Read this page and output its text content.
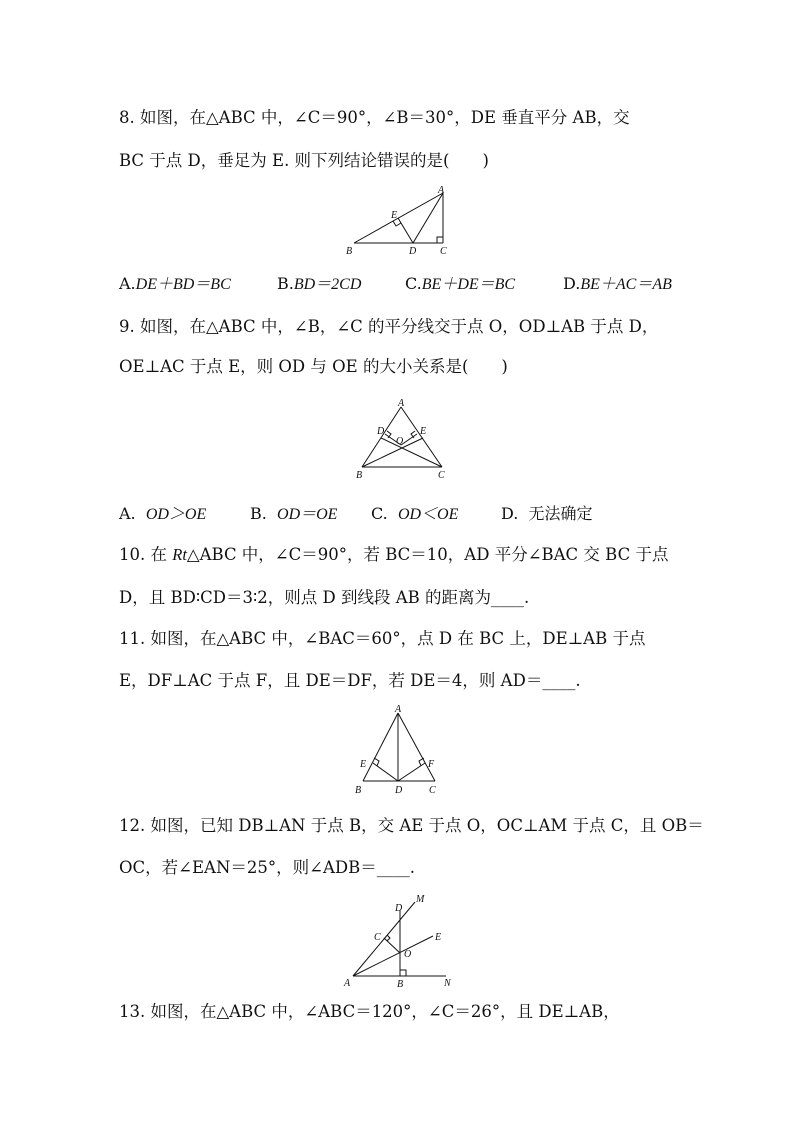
8. 如图，在△ABC 中，∠C＝90°，∠B＝30°，DE 垂直平分 AB，交
BC 于点 D，垂足为 E. 则下列结论错误的是(　　)
A
E
B	D C
A.DE＋BD＝BC	B.BD＝2CD	C.BE＋DE＝BC	D.BE＋AC＝AB
9. 如图，在△ABC 中，∠B，∠C 的平分线交于点 O，OD⊥AB 于点 D，
OE⊥AC 于点 E，则 OD 与 OE 的大小关系是(　　)
A
D
O
E
B	C
A. OD＞OE	B. OD＝OE C. OD＜OE	D. 无法确定
10. 在 Rt△ABC 中，∠C＝90°，若 BC＝10，AD 平分∠BAC 交 BC 于点
D，且 BD∶CD＝3∶2，则点 D 到线段 AB 的距离为____.
11. 如图，在△ABC 中，∠BAC＝60°，点 D 在 BC 上，DE⊥AB 于点
E，DF⊥AC 于点 F，且 DE＝DF，若 DE＝4，则 AD＝____.
A
E	F
B	D	C
12. 如图，已知 DB⊥AN 于点 B，交 AE 于点 O，OC⊥AM 于点 C，且 OB＝
OC，若∠EAN＝25°，则∠ADB＝____.
D
M
C	E
O
A	B	N
13. 如图，在△ABC 中，∠ABC＝120°，∠C＝26°，且 DE⊥AB，
